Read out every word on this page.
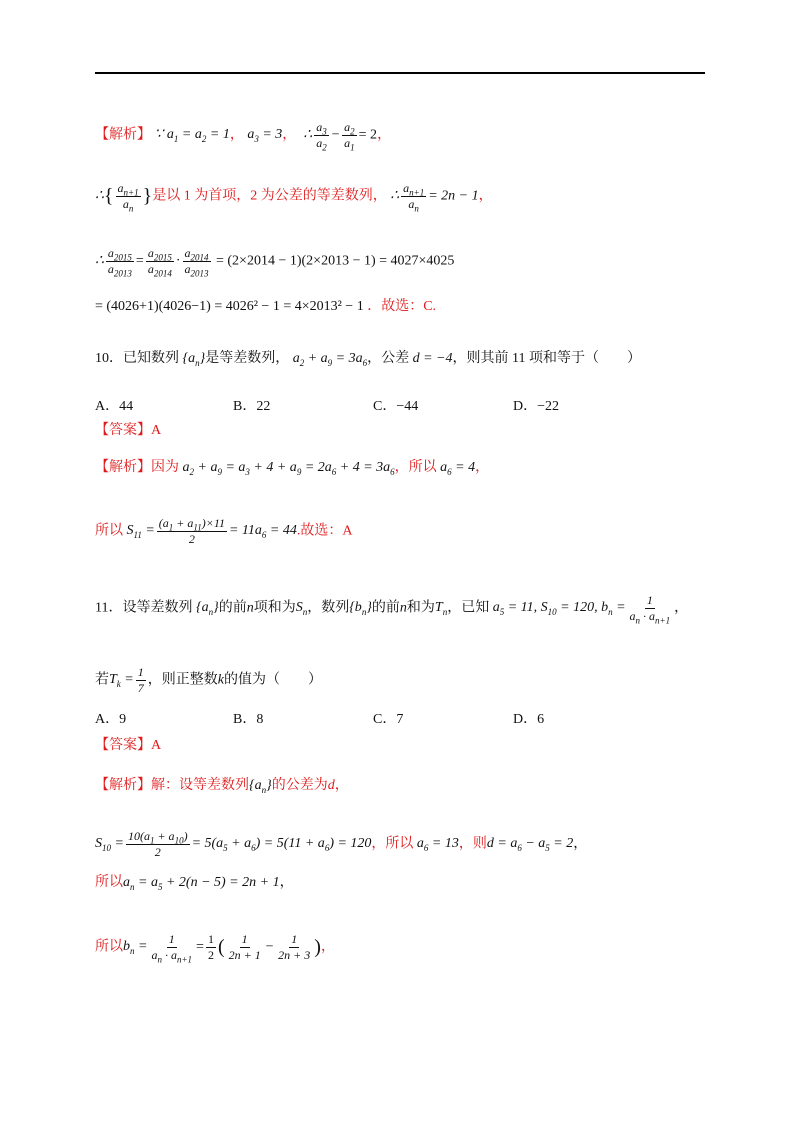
【解析】 ∵ $a_1 = a_2 = 1$， $a_3 = 3$， ∴ $\frac{a_3}{a_2} - \frac{a_2}{a_1} = 2$，
∴{ $\frac{a_{n+1}}{a_n}$ }是以 1 为首项，2 为公差的等差数列， ∴ $\frac{a_{n+1}}{a_n} = 2n - 1$，
∴ $\frac{a_{2015}}{a_{2013}} = \frac{a_{2015}}{a_{2014}} \cdot \frac{a_{2014}}{a_{2013}} = (2\times 2014 - 1)(2\times 2013 - 1) = 4027\times 4025$
= (4026+1)(4026−1) = 4026² − 1 = 4×2013² − 1 ．故选：C.
10．已知数列 $\{a_n\}$是等差数列， $a_2 + a_9 = 3a_6$，公差 d = −4，则其前 11 项和等于（　　）
A．44	B．22	C．−44	D．−22
【答案】A
【解析】因为 $a_2 + a_9 = a_3 + 4 + a_9 = 2a_6 + 4 = 3a_6$，所以 $a_6 = 4$，
所以 $S_{11} = \frac{(a_1 + a_{11})\times 11}{2} = 11a_6 = 44$.故选：A
11．设等差数列 $\{a_n\}$的前n项和为$S_n$，数列$\{b_n\}$的前n和为$T_n$，已知 $a_5 = 11$, $S_{10} = 120$, $b_n = \frac{1}{a_n \cdot a_{n+1}}$ ，
若$T_k = \frac{1}{7}$ ，则正整数k的值为（　　）
A．9	B．8	C．7	D．6
【答案】A
【解析】解：设等差数列$\{a_n\}$的公差为d，
$S_{10} = \frac{10(a_1 + a_{10})}{2} = 5(a_5 + a_6) = 5(11 + a_6) = 120$，所以 $a_6 = 13$，则$d = a_6 - a_5 = 2$，
所以$a_n = a_5 + 2(n - 5) = 2n + 1$，
所以$b_n = \frac{1}{a_n \cdot a_{n+1}} = \frac{1}{2}$ ( $\frac{1}{2n + 1} - \frac{1}{2n + 3}$ )，
